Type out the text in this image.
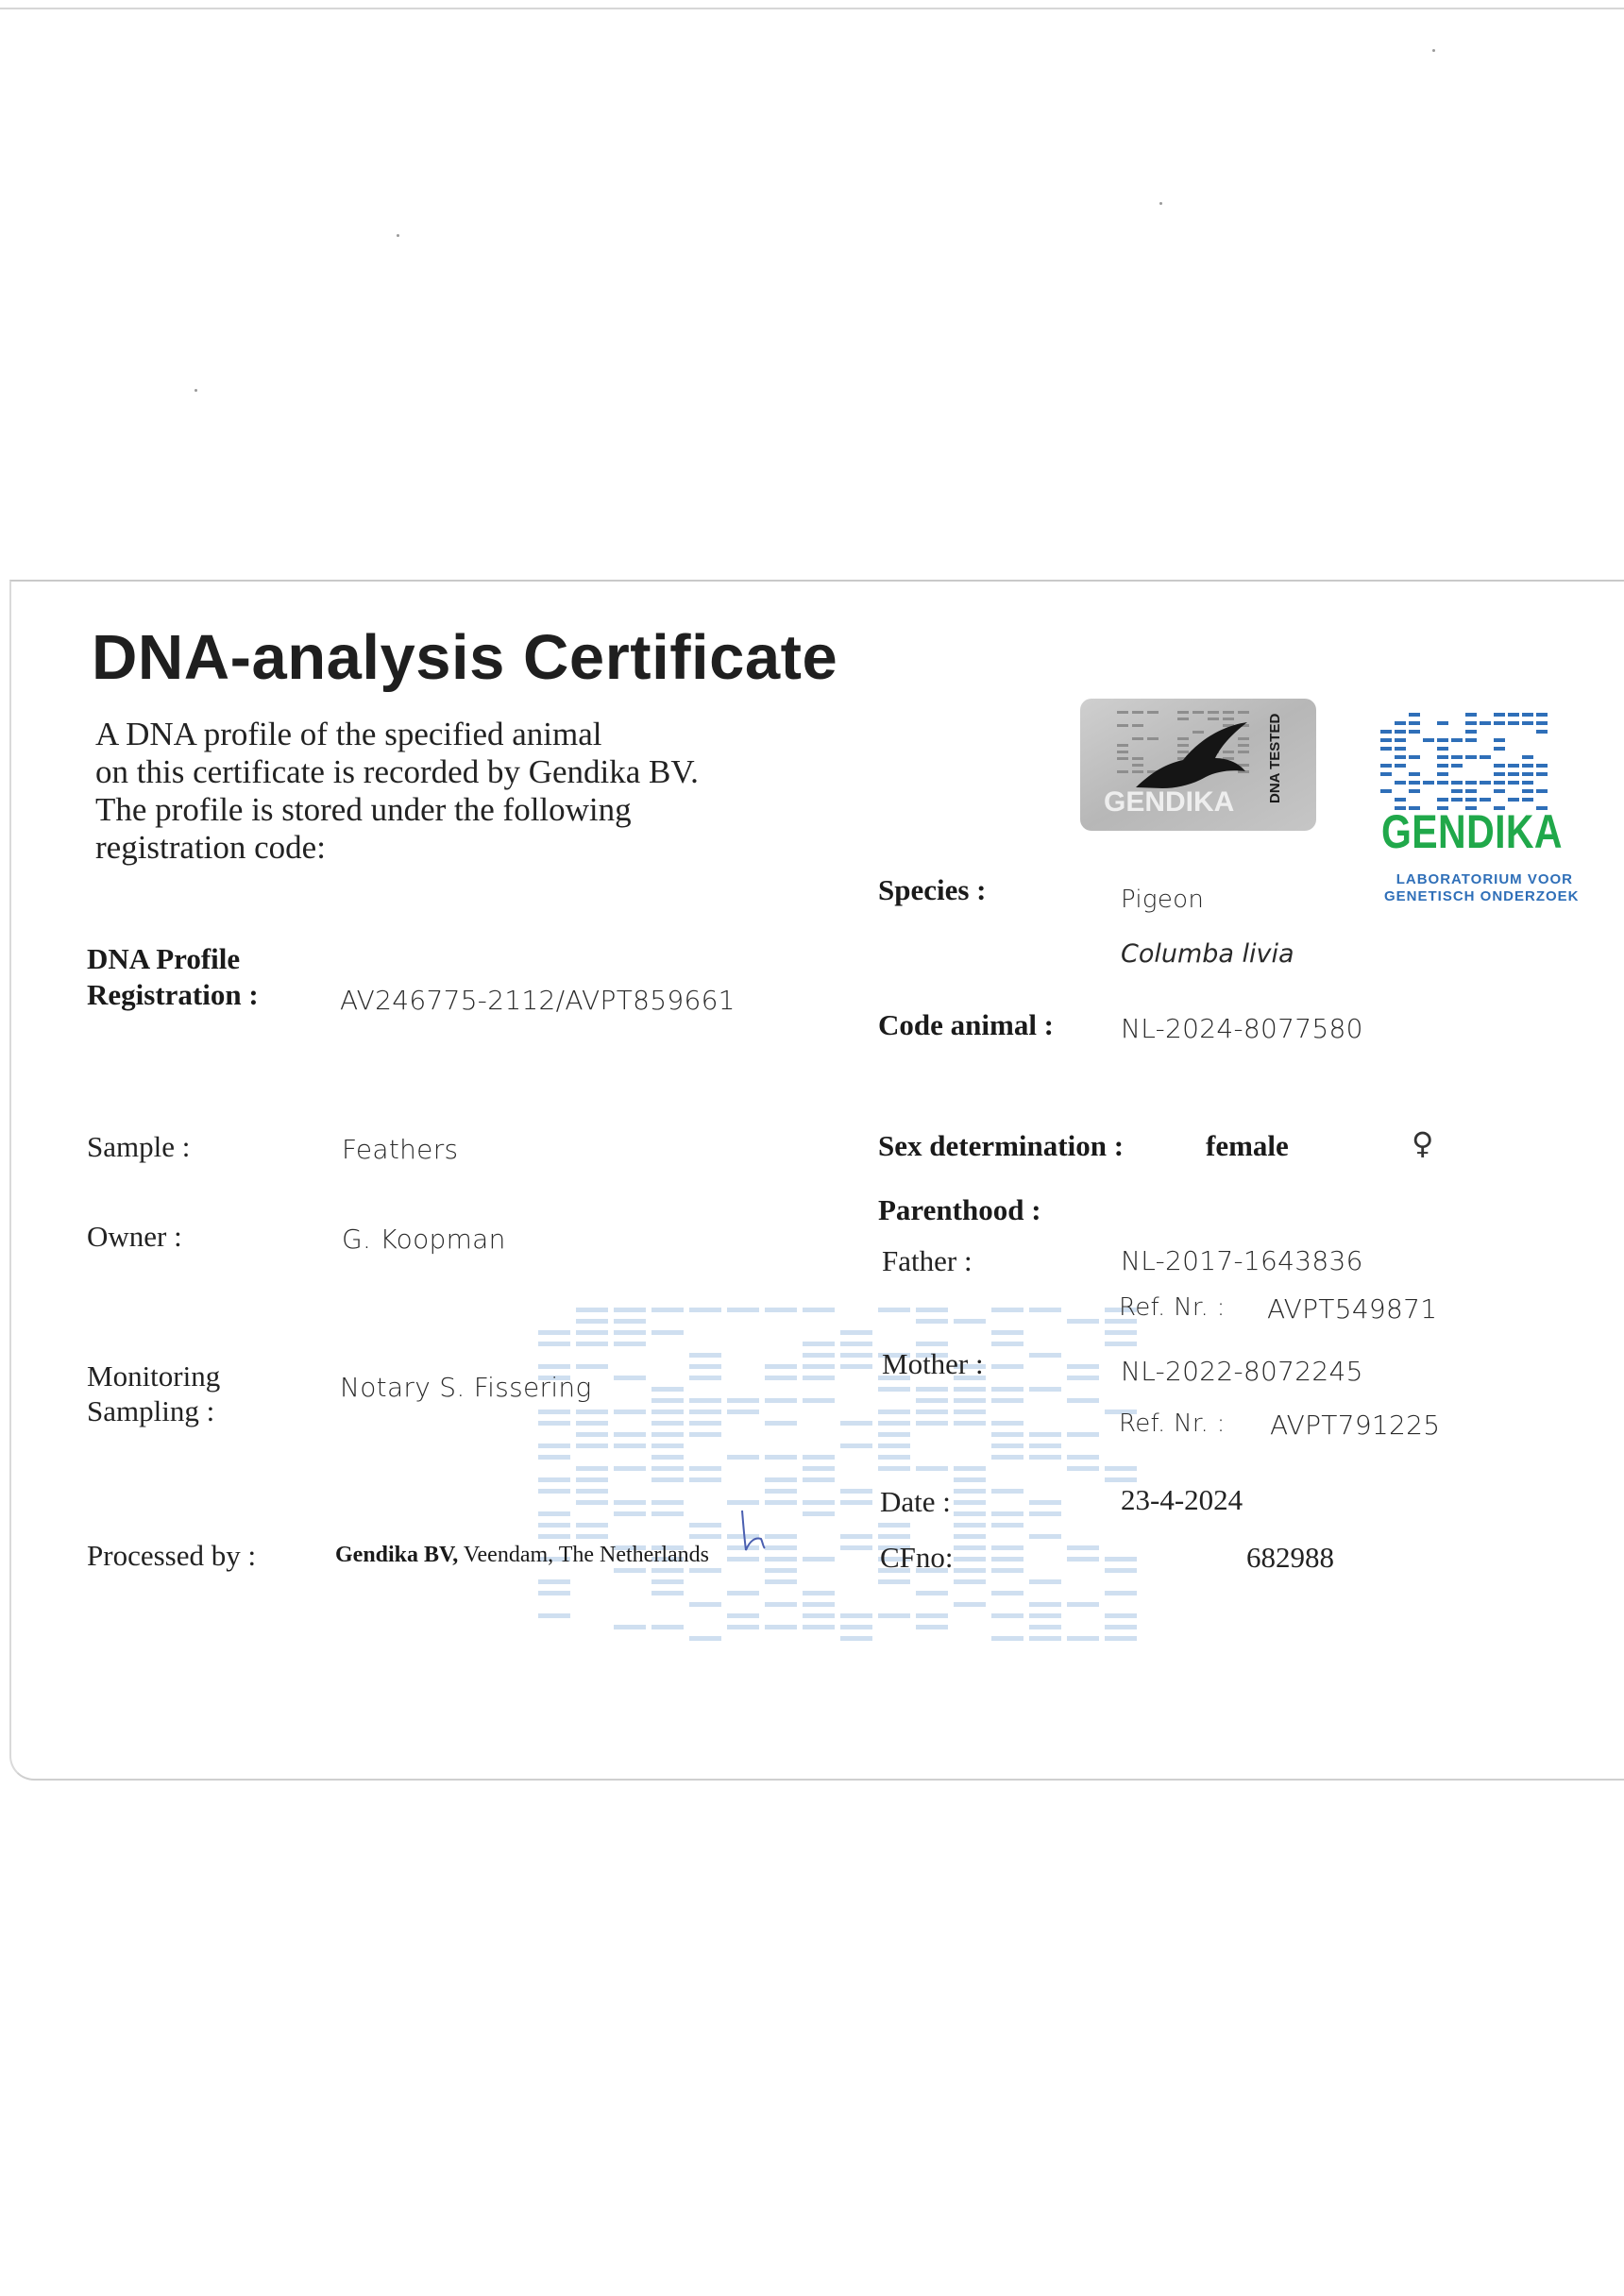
DNA-analysis Certificate
A DNA profile of the specified animal
on this certificate is recorded by Gendika BV.
The profile is stored under the following
registration code:
GENDIKA DNA TESTED
GENDIKA
LABORATORIUM VOOR
GENETISCH ONDERZOEK
DNA Profile
Registration :	AV246775-2112/AVPT859661
Sample :	Feathers
Owner :	G. Koopman
Monitoring
Sampling :
Notary S. Fissering
Processed by :	Gendika BV, Veendam, The Netherlands
Species :	Pigeon
Columba livia
Code animal :	NL-2024-8077580
Sex determination :	female	♀
Parenthood :
Father :	NL-2017-1643836
Ref. Nr. : AVPT549871
Mother :	NL-2022-8072245
Ref. Nr. : AVPT791225
Date :	23-4-2024
CFno:	682988
